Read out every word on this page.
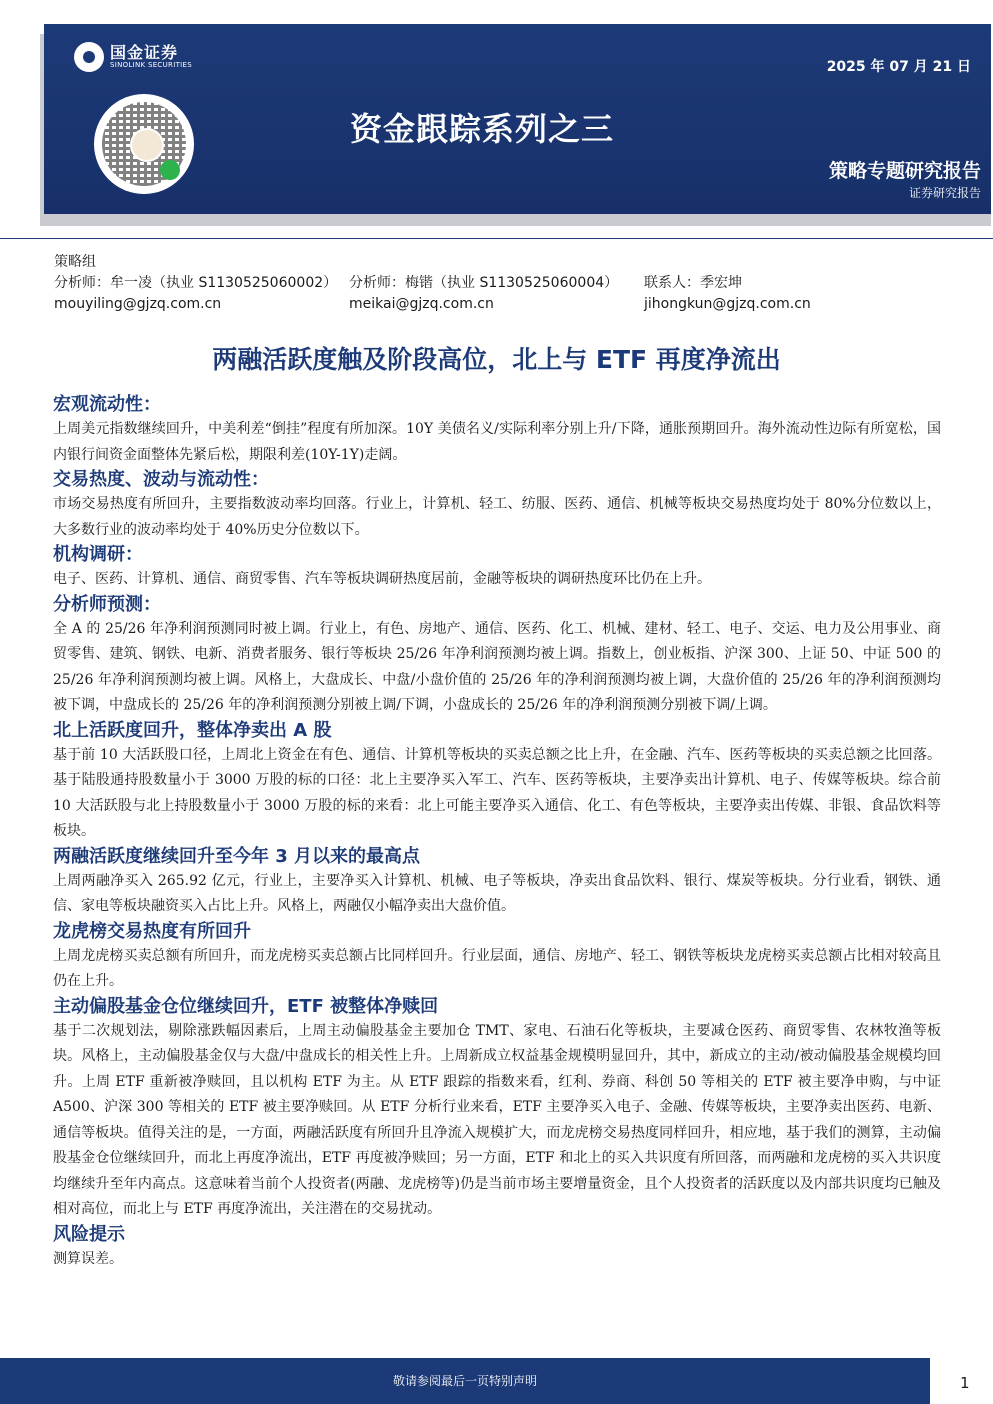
国金证券
SINOLINK SECURITIES	2025 年 07 月 21 日
资金跟踪系列之三
策略专题研究报告
证券研究报告
策略组
分析师：牟一凌（执业 S1130525060002） 分析师：梅锴（执业 S1130525060004） 联系人：季宏坤
mouyiling@gjzq.com.cn	meikai@gjzq.com.cn	jihongkun@gjzq.com.cn
两融活跃度触及阶段高位，北上与 ETF 再度净流出
宏观流动性：

上周美元指数继续回升，中美利差“倒挂”程度有所加深。10Y 美债名义/实际利率分别上升/下降，通胀预期回升。海外流动性边际有所宽松，国内银行间资金面整体先紧后松，期限利差(10Y-1Y)走阔。

交易热度、波动与流动性：

市场交易热度有所回升，主要指数波动率均回落。行业上，计算机、轻工、纺服、医药、通信、机械等板块交易热度均处于 80%分位数以上，大多数行业的波动率均处于 40%历史分位数以下。

机构调研：

电子、医药、计算机、通信、商贸零售、汽车等板块调研热度居前，金融等板块的调研热度环比仍在上升。

分析师预测：

全 A 的 25/26 年净利润预测同时被上调。行业上，有色、房地产、通信、医药、化工、机械、建材、轻工、电子、交运、电力及公用事业、商贸零售、建筑、钢铁、电新、消费者服务、银行等板块 25/26 年净利润预测均被上调。指数上，创业板指、沪深 300、上证 50、中证 500 的 25/26 年净利润预测均被上调。风格上，大盘成长、中盘/小盘价值的 25/26 年的净利润预测均被上调，大盘价值的 25/26 年的净利润预测均被下调，中盘成长的 25/26 年的净利润预测分别被上调/下调，小盘成长的 25/26 年的净利润预测分别被下调/上调。

北上活跃度回升，整体净卖出 A 股

基于前 10 大活跃股口径，上周北上资金在有色、通信、计算机等板块的买卖总额之比上升，在金融、汽车、医药等板块的买卖总额之比回落。基于陆股通持股数量小于 3000 万股的标的口径：北上主要净买入军工、汽车、医药等板块，主要净卖出计算机、电子、传媒等板块。综合前 10 大活跃股与北上持股数量小于 3000 万股的标的来看：北上可能主要净买入通信、化工、有色等板块，主要净卖出传媒、非银、食品饮料等板块。

两融活跃度继续回升至今年 3 月以来的最高点

上周两融净买入 265.92 亿元，行业上，主要净买入计算机、机械、电子等板块，净卖出食品饮料、银行、煤炭等板块。分行业看，钢铁、通信、家电等板块融资买入占比上升。风格上，两融仅小幅净卖出大盘价值。

龙虎榜交易热度有所回升

上周龙虎榜买卖总额有所回升，而龙虎榜买卖总额占比同样回升。行业层面，通信、房地产、轻工、钢铁等板块龙虎榜买卖总额占比相对较高且仍在上升。

主动偏股基金仓位继续回升，ETF 被整体净赎回

基于二次规划法，剔除涨跌幅因素后，上周主动偏股基金主要加仓 TMT、家电、石油石化等板块，主要减仓医药、商贸零售、农林牧渔等板块。风格上，主动偏股基金仅与大盘/中盘成长的相关性上升。上周新成立权益基金规模明显回升，其中，新成立的主动/被动偏股基金规模均回升。上周 ETF 重新被净赎回，且以机构 ETF 为主。从 ETF 跟踪的指数来看，红利、券商、科创 50 等相关的 ETF 被主要净申购，与中证 A500、沪深 300 等相关的 ETF 被主要净赎回。从 ETF 分析行业来看，ETF 主要净买入电子、金融、传媒等板块，主要净卖出医药、电新、通信等板块。值得关注的是，一方面，两融活跃度有所回升且净流入规模扩大，而龙虎榜交易热度同样回升，相应地，基于我们的测算，主动偏股基金仓位继续回升，而北上再度净流出，ETF 再度被净赎回；另一方面，ETF 和北上的买入共识度有所回落，而两融和龙虎榜的买入共识度均继续升至年内高点。这意味着当前个人投资者(两融、龙虎榜等)仍是当前市场主要增量资金，且个人投资者的活跃度以及内部共识度均已触及相对高位，而北上与 ETF 再度净流出，关注潜在的交易扰动。

风险提示

测算误差。

敬请参阅最后一页特别声明	1
